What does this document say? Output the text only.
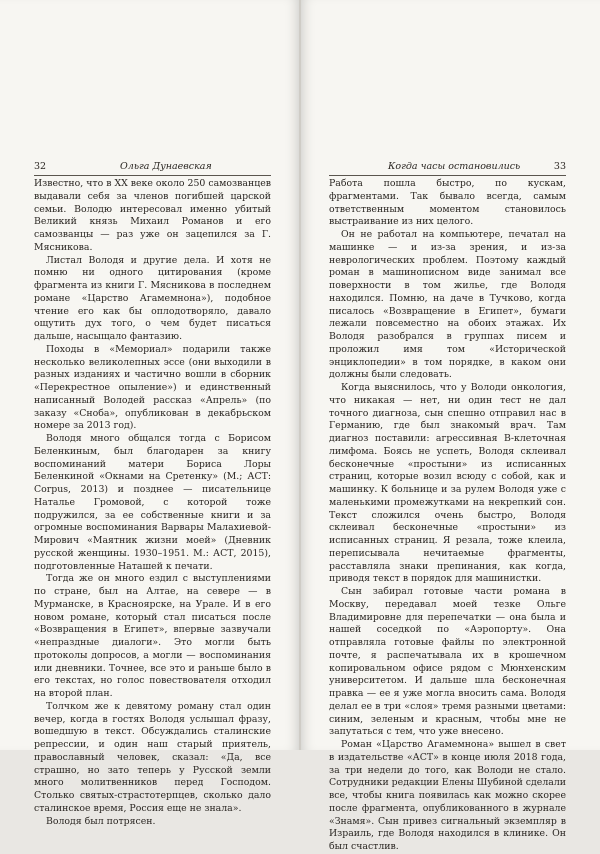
32	Ольга Дунаевская

Известно, что в XX веке около 250 самозванцев выдавали себя за членов погибшей царской семьи. Володю интересовал именно убитый Великий князь Михаил Романов и его самозванцы — раз уже он зацепился за Г. Мясникова.

Листал Володя и другие дела. И хотя не помню ни одного цитирования (кроме фрагмента из книги Г. Мясникова в последнем романе «Царство Агамемнона»), подобное чтение его как бы оплодотворяло, давало ощутить дух того, о чем будет писаться дальше, насыщало фантазию.

Походы в «Мемориал» подарили также несколько великолепных эссе (они выходили в разных изданиях и частично вошли в сборник «Перекрестное опыление») и единственный написанный Володей рассказ «Апрель» (по заказу «Сноба», опубликован в декабрьском номере за 2013 год).

Володя много общался тогда с Борисом Беленкиным, был благодарен за книгу воспоминаний матери Бориса Лоры Беленкиной «Окнами на Сретенку» (М.; АСТ: Corpus, 2013) и позднее — писательнице Наталье Громовой, с которой тоже подружился, за ее собственные книги и за огромные воспоминания Варвары Малахиевой-Мирович «Маятник жизни моей» (Дневник русской женщины. 1930–1951. М.: АСТ, 2015), подготовленные Наташей к печати.

Тогда же он много ездил с выступлениями по стране, был на Алтае, на севере — в Мурманске, в Красноярске, на Урале. И в его новом романе, который стал писаться после «Возвращения в Египет», впервые зазвучали «непраздные диалоги». Это могли быть протоколы допросов, а могли — воспоминания или дневники. Точнее, все это и раньше было в его текстах, но голос повествователя отходил на второй план.

Толчком же к девятому роману стал один вечер, когда в гостях Володя услышал фразу, вошедшую в текст. Обсуждались сталинские репрессии, и один наш старый приятель, православный человек, сказал: «Да, все страшно, но зато теперь у Русской земли много молитвенников перед Господом. Столько святых-страстотерпцев, сколько дало сталинское время, Россия еще не знала».

Володя был потрясен.

Когда часы остановились	33

Работа пошла быстро, по кускам, фрагментами. Так бывало всегда, самым ответственным моментом становилось выстраивание из них целого.

Он не работал на компьютере, печатал на машинке — и из-за зрения, и из-за неврологических проблем. Поэтому каждый роман в машинописном виде занимал все поверхности в том жилье, где Володя находился. Помню, на даче в Тучково, когда писалось «Возвращение в Египет», бумаги лежали повсеместно на обоих этажах. Их Володя разобрался в группах писем и проложил имя том «Исторической энциклопедии» в том порядке, в каком они должны были следовать.

Когда выяснилось, что у Володи онкология, что никакая — нет, ни один тест не дал точного диагноза, сын спешно отправил нас в Германию, где был знакомый врач. Там диагноз поставили: агрессивная В-клеточная лимфома. Боясь не успеть, Володя склеивал бесконечные «простыни» из исписанных страниц, которые возил всюду с собой, как и машинку. К больнице и за рулем Володя уже с маленькими промежутками на некрепкий сон. Текст сложился очень быстро, Володя склеивал бесконечные «простыни» из исписанных страниц. Я резала, тоже клеила, переписывала нечитаемые фрагменты, расставляла знаки препинания, как когда, приводя текст в порядок для машинистки.

Сын забирал готовые части романа в Москву, передавал моей тезке Ольге Владимировне для перепечатки — она была и нашей соседкой по «Аэропорту». Она отправляла готовые файлы по электронной почте, я распечатывала их в крошечном копировальном офисе рядом с Мюнхенским университетом. И дальше шла бесконечная правка — ее я уже могла вносить сама. Володя делал ее в три «слоя» тремя разными цветами: синим, зеленым и красным, чтобы мне не запутаться с тем, что уже внесено.

Роман «Царство Агамемнона» вышел в свет в издательстве «АСТ» в конце июля 2018 года, за три недели до того, как Володи не стало. Сотрудники редакции Елены Шубиной сделали все, чтобы книга появилась как можно скорее после фрагмента, опубликованного в журнале «Знамя». Сын привез сигнальный экземпляр в Израиль, где Володя находился в клинике. Он был счастлив.
